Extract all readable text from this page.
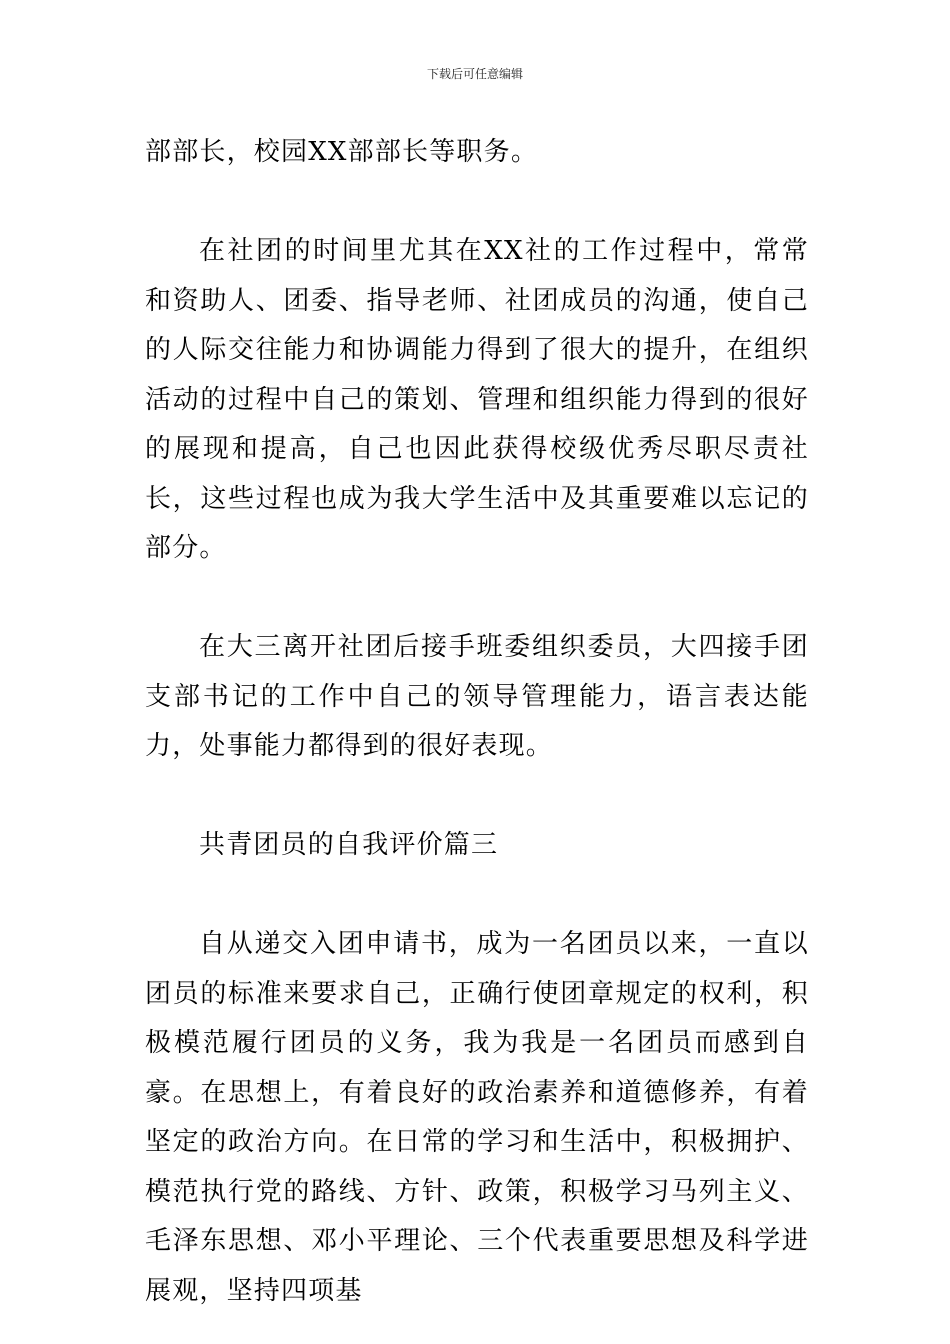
下载后可任意编辑

部部长，校园XX部部长等职务。

在社团的时间里尤其在XX社的工作过程中，常常和资助人、团委、指导老师、社团成员的沟通，使自己的人际交往能力和协调能力得到了很大的提升，在组织活动的过程中自己的策划、管理和组织能力得到的很好的展现和提高，自己也因此获得校级优秀尽职尽责社长，这些过程也成为我大学生活中及其重要难以忘记的部分。

在大三离开社团后接手班委组织委员，大四接手团支部书记的工作中自己的领导管理能力，语言表达能力，处事能力都得到的很好表现。

共青团员的自我评价篇三

自从递交入团申请书，成为一名团员以来，一直以团员的标准来要求自己，正确行使团章规定的权利，积极模范履行团员的义务，我为我是一名团员而感到自豪。在思想上，有着良好的政治素养和道德修养，有着坚定的政治方向。在日常的学习和生活中，积极拥护、模范执行党的路线、方针、政策，积极学习马列主义、毛泽东思想、邓小平理论、三个代表重要思想及科学进展观，坚持四项基
